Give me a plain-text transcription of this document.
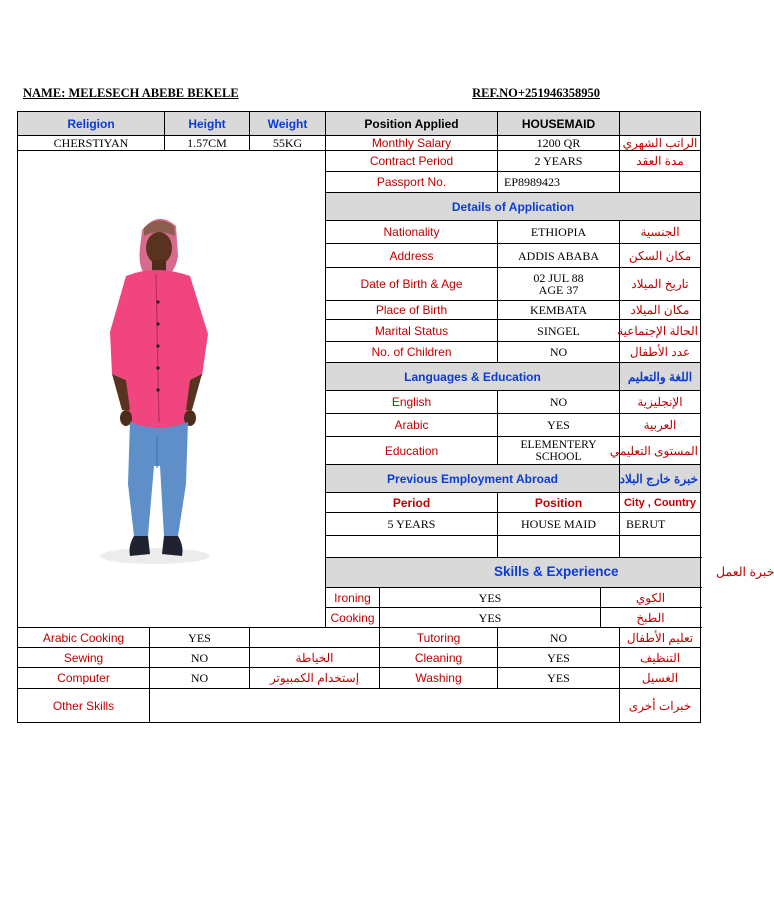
NAME: MELESECH ABEBE BEKELE	REF.NO+251946358950
Religion		Height	Weight	Position Applied		HOUSEMAID			
CHERSTIYAN		1.57CM	55KG	Monthly Salary		1200 QR		الراتب الشهري	

	Contract Period		2 YEARS		مدة العقد	
				Passport No.		EP8989423			
				Details of Application					
				Nationality		ETHIOPIA		الجنسية	
				Address		ADDIS ABABA		مكان السكن	
				Date of Birth & Age		02 JUL 88
AGE 37		تاريخ الميلاد	
				Place of Birth		KEMBATA		مكان الميلاد	
				Marital Status		SINGEL		الحالة الإجتماعية	
				No. of Children		NO		عدد الأطفال	
				Languages & Education				اللغة والتعليم	
				English		NO		الإنجليزية	
				Arabic		YES		العربية	
				Education		ELEMENTERY
SCHOOL		المستوى التعليمي	
				Previous Employment Abroad				خبرة خارج البلاد	
				Period		Position		City , Country	
				5 YEARS		HOUSE MAID		BERUT	

				Skills & Experience خبرة العمل					

				Ironing	YES		الكوي			
				Cooking	YES		الطبخ			
Arabic Cooking	YES				Tutoring	NO		تعليم الأطفال	
Sewing	NO		الخياطة		Cleaning	YES		التنظيف	
Computer	NO		إستخدام الكمبيوتر		Washing	YES		الغسيل	
Other Skills								خبرات أخرى	
